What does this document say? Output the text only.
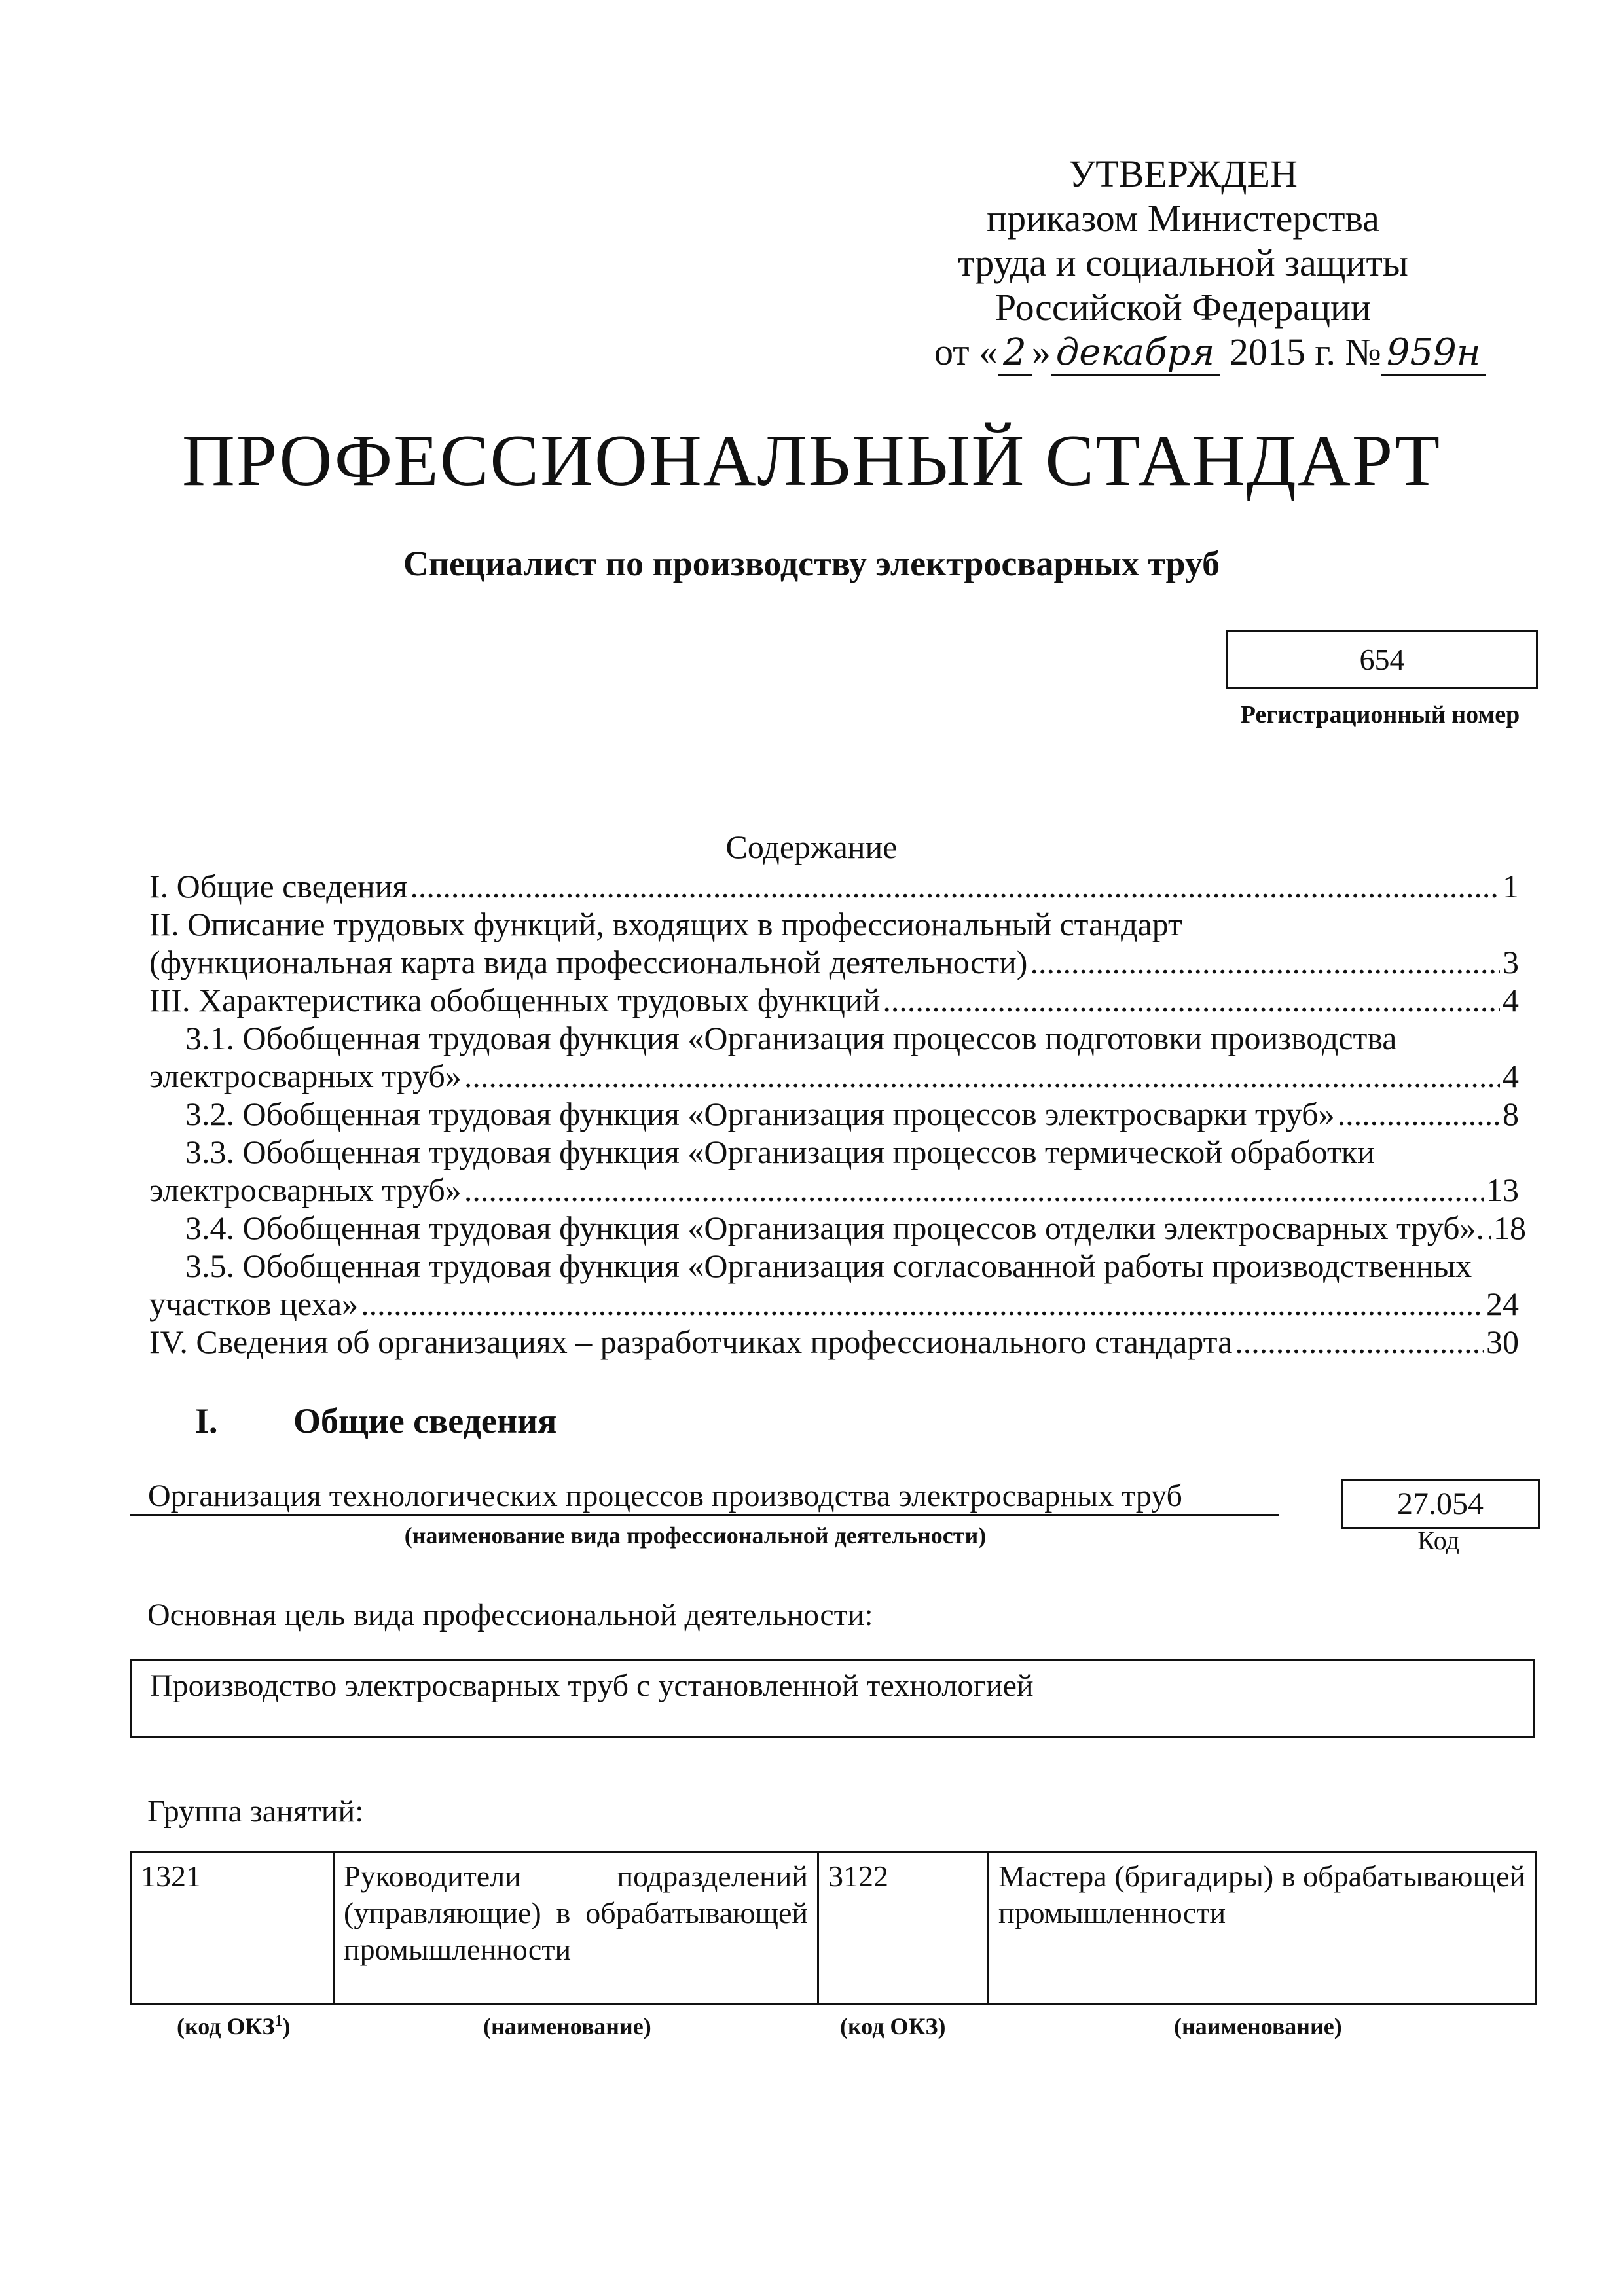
УТВЕРЖДЕН
приказом Министерства
труда и социальной защиты
Российской Федерации
от « 2 » декабря 2015 г. № 959н
ПРОФЕССИОНАЛЬНЫЙ СТАНДАРТ
Специалист по производству электросварных труб
654
Регистрационный номер
Содержание
I. Общие сведения .....	1
II. Описание трудовых функций, входящих в профессиональный стандарт
(функциональная карта вида профессиональной деятельности) .....	3
III. Характеристика обобщенных трудовых функций .....	4
3.1. Обобщенная трудовая функция «Организация процессов подготовки производства
электросварных труб» .....	4
3.2. Обобщенная трудовая функция «Организация процессов электросварки труб» .....	8
3.3. Обобщенная трудовая функция «Организация процессов термической обработки
электросварных труб» .....	13
3.4. Обобщенная трудовая функция «Организация процессов отделки электросварных труб». ..... 18
3.5. Обобщенная трудовая функция «Организация согласованной работы производственных
участков цеха» .....	24
IV. Сведения об организациях – разработчиках профессионального стандарта .....	30
I. Общие сведения
Организация технологических процессов производства электросварных труб
(наименование вида профессиональной деятельности)
27.054
Код
Основная цель вида профессиональной деятельности:
Производство электросварных труб с установленной технологией
Группа занятий:
1321	Руководители подразделений (управляющие) в обрабатывающей промышленности	3122	Мастера (бригадиры) в обрабатывающей промышленности
(код ОКЗ$^1$)	(наименование)	(код ОКЗ)	(наименование)
